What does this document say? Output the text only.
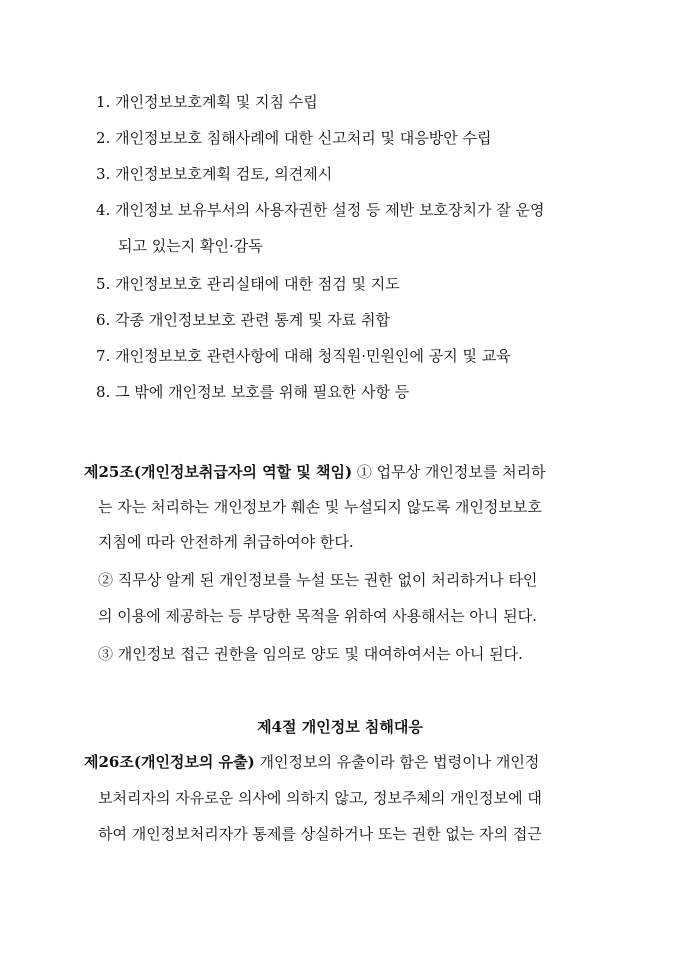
1. 개인정보보호계획 및 지침 수립
2. 개인정보보호 침해사례에 대한 신고처리 및 대응방안 수립
3. 개인정보보호계획 검토, 의견제시
4. 개인정보 보유부서의 사용자권한 설정 등 제반 보호장치가 잘 운영
되고 있는지 확인·감독
5. 개인정보보호 관리실태에 대한 점검 및 지도
6. 각종 개인정보보호 관련 통계 및 자료 취합
7. 개인정보보호 관련사항에 대해 청직원·민원인에 공지 및 교육
8. 그 밖에 개인정보 보호를 위해 필요한 사항 등
제25조(개인정보취급자의 역할 및 책임) ① 업무상 개인정보를 처리하
는 자는 처리하는 개인정보가 훼손 및 누설되지 않도록 개인정보보호
지침에 따라 안전하게 취급하여야 한다.
② 직무상 알게 된 개인정보를 누설 또는 권한 없이 처리하거나 타인
의 이용에 제공하는 등 부당한 목적을 위하여 사용해서는 아니 된다.
③ 개인정보 접근 권한을 임의로 양도 및 대여하여서는 아니 된다.
제4절 개인정보 침해대응
제26조(개인정보의 유출) 개인정보의 유출이라 함은 법령이나 개인정
보처리자의 자유로운 의사에 의하지 않고, 정보주체의 개인정보에 대
하여 개인정보처리자가 통제를 상실하거나 또는 권한 없는 자의 접근
